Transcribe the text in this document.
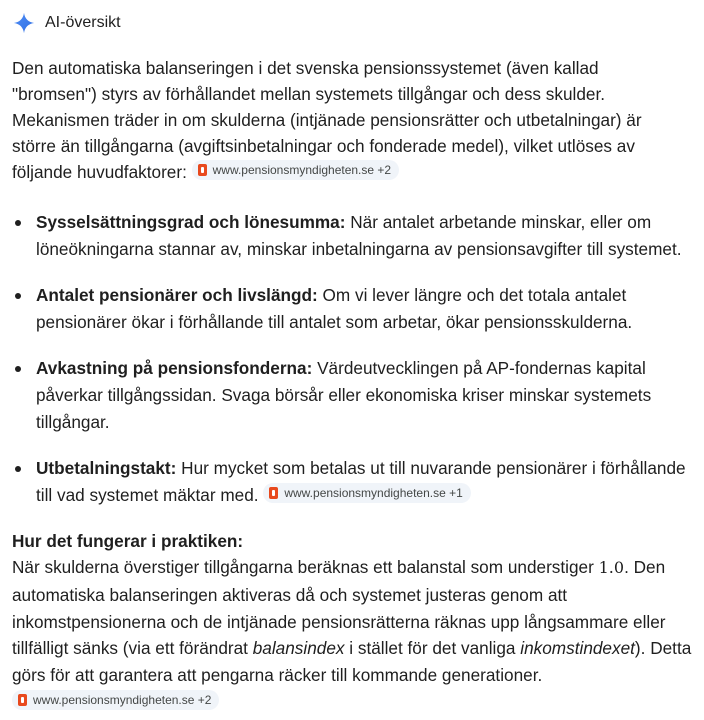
AI-översikt

Den automatiska balanseringen i det svenska pensionssystemet (även kallad "bromsen") styrs av förhållandet mellan systemets tillgångar och dess skulder. Mekanismen träder in om skulderna (intjänade pensionsrätter och utbetalningar) är större än tillgångarna (avgiftsinbetalningar och fonderade medel), vilket utlöses av följande huvudfaktorer: www.pensionsmyndigheten.se +2

Sysselsättningsgrad och lönesumma: När antalet arbetande minskar, eller om löneökningarna stannar av, minskar inbetalningarna av pensionsavgifter till systemet.
Antalet pensionärer och livslängd: Om vi lever längre och det totala antalet pensionärer ökar i förhållande till antalet som arbetar, ökar pensionsskulderna.
Avkastning på pensionsfonderna: Värdeutvecklingen på AP-fondernas kapital påverkar tillgångssidan. Svaga börsår eller ekonomiska kriser minskar systemets tillgångar.
Utbetalningstakt: Hur mycket som betalas ut till nuvarande pensionärer i förhållande till vad systemet mäktar med. www.pensionsmyndigheten.se +1
Hur det fungerar i praktiken:
När skulderna överstiger tillgångarna beräknas ett balanstal som understiger 1.0. Den automatiska balanseringen aktiveras då och systemet justeras genom att inkomstpensionerna och de intjänade pensionsrätterna räknas upp långsammare eller tillfälligt sänks (via ett förändrat balansindex i stället för det vanliga inkomstindexet). Detta görs för att garantera att pengarna räcker till kommande generationer.
www.pensionsmyndigheten.se +2
